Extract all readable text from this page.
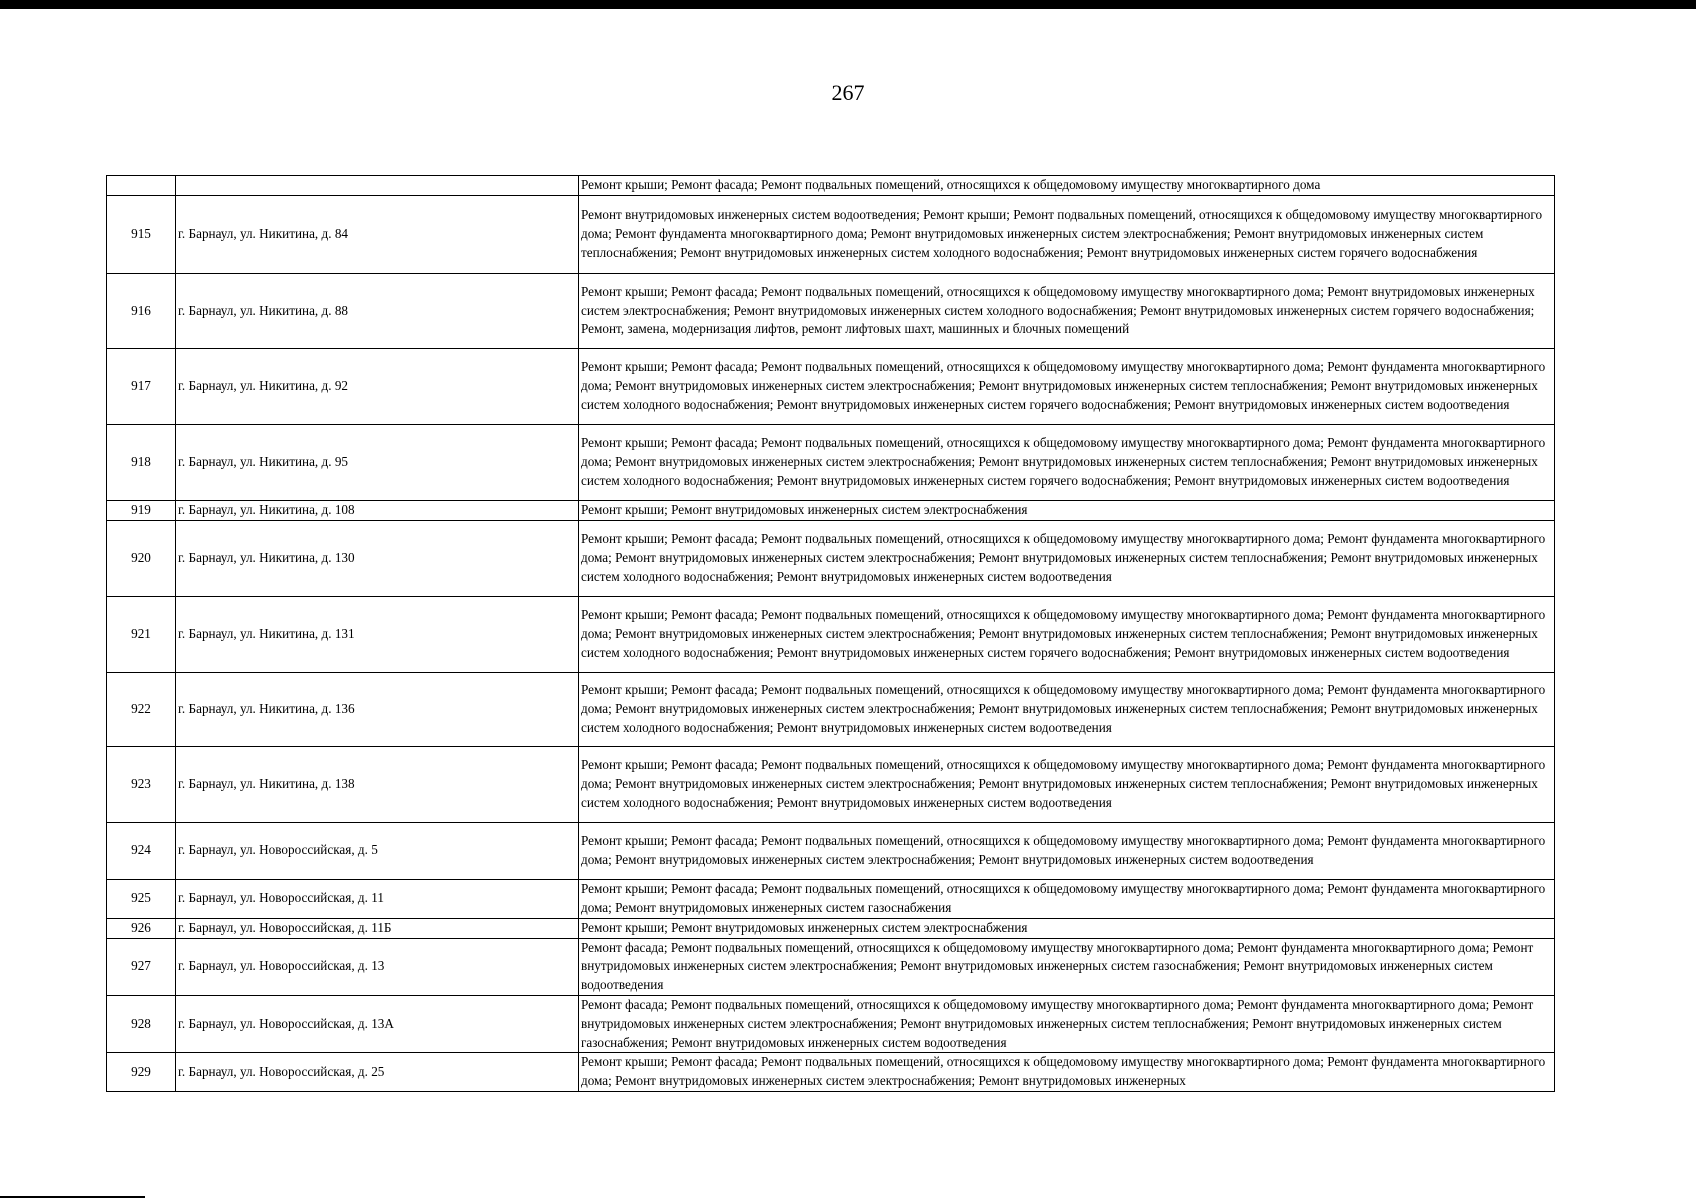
267
		Ремонт крыши; Ремонт фасада; Ремонт подвальных помещений, относящихся к общедомовому имуществу многоквартирного дома
915	г. Барнаул, ул. Никитина, д. 84	Ремонт внутридомовых инженерных систем водоотведения; Ремонт крыши; Ремонт подвальных помещений, относящихся к общедомовому имуществу многоквартирного дома; Ремонт фундамента многоквартирного дома; Ремонт внутридомовых инженерных систем электроснабжения; Ремонт внутридомовых инженерных систем теплоснабжения; Ремонт внутридомовых инженерных систем холодного водоснабжения; Ремонт внутридомовых инженерных систем горячего водоснабжения
916	г. Барнаул, ул. Никитина, д. 88	Ремонт крыши; Ремонт фасада; Ремонт подвальных помещений, относящихся к общедомовому имуществу многоквартирного дома; Ремонт внутридомовых инженерных систем электроснабжения; Ремонт внутридомовых инженерных систем холодного водоснабжения; Ремонт внутридомовых инженерных систем горячего водоснабжения; Ремонт, замена, модернизация лифтов, ремонт лифтовых шахт, машинных и блочных помещений
917	г. Барнаул, ул. Никитина, д. 92	Ремонт крыши; Ремонт фасада; Ремонт подвальных помещений, относящихся к общедомовому имуществу многоквартирного дома; Ремонт фундамента многоквартирного дома; Ремонт внутридомовых инженерных систем электроснабжения; Ремонт внутридомовых инженерных систем теплоснабжения; Ремонт внутридомовых инженерных систем холодного водоснабжения; Ремонт внутридомовых инженерных систем горячего водоснабжения; Ремонт внутридомовых инженерных систем водоотведения
918	г. Барнаул, ул. Никитина, д. 95	Ремонт крыши; Ремонт фасада; Ремонт подвальных помещений, относящихся к общедомовому имуществу многоквартирного дома; Ремонт фундамента многоквартирного дома; Ремонт внутридомовых инженерных систем электроснабжения; Ремонт внутридомовых инженерных систем теплоснабжения; Ремонт внутридомовых инженерных систем холодного водоснабжения; Ремонт внутридомовых инженерных систем горячего водоснабжения; Ремонт внутридомовых инженерных систем водоотведения
919	г. Барнаул, ул. Никитина, д. 108	Ремонт крыши; Ремонт внутридомовых инженерных систем электроснабжения
920	г. Барнаул, ул. Никитина, д. 130	Ремонт крыши; Ремонт фасада; Ремонт подвальных помещений, относящихся к общедомовому имуществу многоквартирного дома; Ремонт фундамента многоквартирного дома; Ремонт внутридомовых инженерных систем электроснабжения; Ремонт внутридомовых инженерных систем теплоснабжения; Ремонт внутридомовых инженерных систем холодного водоснабжения; Ремонт внутридомовых инженерных систем водоотведения
921	г. Барнаул, ул. Никитина, д. 131	Ремонт крыши; Ремонт фасада; Ремонт подвальных помещений, относящихся к общедомовому имуществу многоквартирного дома; Ремонт фундамента многоквартирного дома; Ремонт внутридомовых инженерных систем электроснабжения; Ремонт внутридомовых инженерных систем теплоснабжения; Ремонт внутридомовых инженерных систем холодного водоснабжения; Ремонт внутридомовых инженерных систем горячего водоснабжения; Ремонт внутридомовых инженерных систем водоотведения
922	г. Барнаул, ул. Никитина, д. 136	Ремонт крыши; Ремонт фасада; Ремонт подвальных помещений, относящихся к общедомовому имуществу многоквартирного дома; Ремонт фундамента многоквартирного дома; Ремонт внутридомовых инженерных систем электроснабжения; Ремонт внутридомовых инженерных систем теплоснабжения; Ремонт внутридомовых инженерных систем холодного водоснабжения; Ремонт внутридомовых инженерных систем водоотведения
923	г. Барнаул, ул. Никитина, д. 138	Ремонт крыши; Ремонт фасада; Ремонт подвальных помещений, относящихся к общедомовому имуществу многоквартирного дома; Ремонт фундамента многоквартирного дома; Ремонт внутридомовых инженерных систем электроснабжения; Ремонт внутридомовых инженерных систем теплоснабжения; Ремонт внутридомовых инженерных систем холодного водоснабжения; Ремонт внутридомовых инженерных систем водоотведения
924	г. Барнаул, ул. Новороссийская, д. 5	Ремонт крыши; Ремонт фасада; Ремонт подвальных помещений, относящихся к общедомовому имуществу многоквартирного дома; Ремонт фундамента многоквартирного дома; Ремонт внутридомовых инженерных систем электроснабжения; Ремонт внутридомовых инженерных систем водоотведения
925	г. Барнаул, ул. Новороссийская, д. 11	Ремонт крыши; Ремонт фасада; Ремонт подвальных помещений, относящихся к общедомовому имуществу многоквартирного дома; Ремонт фундамента многоквартирного дома; Ремонт внутридомовых инженерных систем газоснабжения
926	г. Барнаул, ул. Новороссийская, д. 11Б	Ремонт крыши; Ремонт внутридомовых инженерных систем электроснабжения
927	г. Барнаул, ул. Новороссийская, д. 13	Ремонт фасада; Ремонт подвальных помещений, относящихся к общедомовому имуществу многоквартирного дома; Ремонт фундамента многоквартирного дома; Ремонт внутридомовых инженерных систем электроснабжения; Ремонт внутридомовых инженерных систем газоснабжения; Ремонт внутридомовых инженерных систем водоотведения
928	г. Барнаул, ул. Новороссийская, д. 13А	Ремонт фасада; Ремонт подвальных помещений, относящихся к общедомовому имуществу многоквартирного дома; Ремонт фундамента многоквартирного дома; Ремонт внутридомовых инженерных систем электроснабжения; Ремонт внутридомовых инженерных систем теплоснабжения; Ремонт внутридомовых инженерных систем газоснабжения; Ремонт внутридомовых инженерных систем водоотведения
929	г. Барнаул, ул. Новороссийская, д. 25	Ремонт крыши; Ремонт фасада; Ремонт подвальных помещений, относящихся к общедомовому имуществу многоквартирного дома; Ремонт фундамента многоквартирного дома; Ремонт внутридомовых инженерных систем электроснабжения; Ремонт внутридомовых инженерных
